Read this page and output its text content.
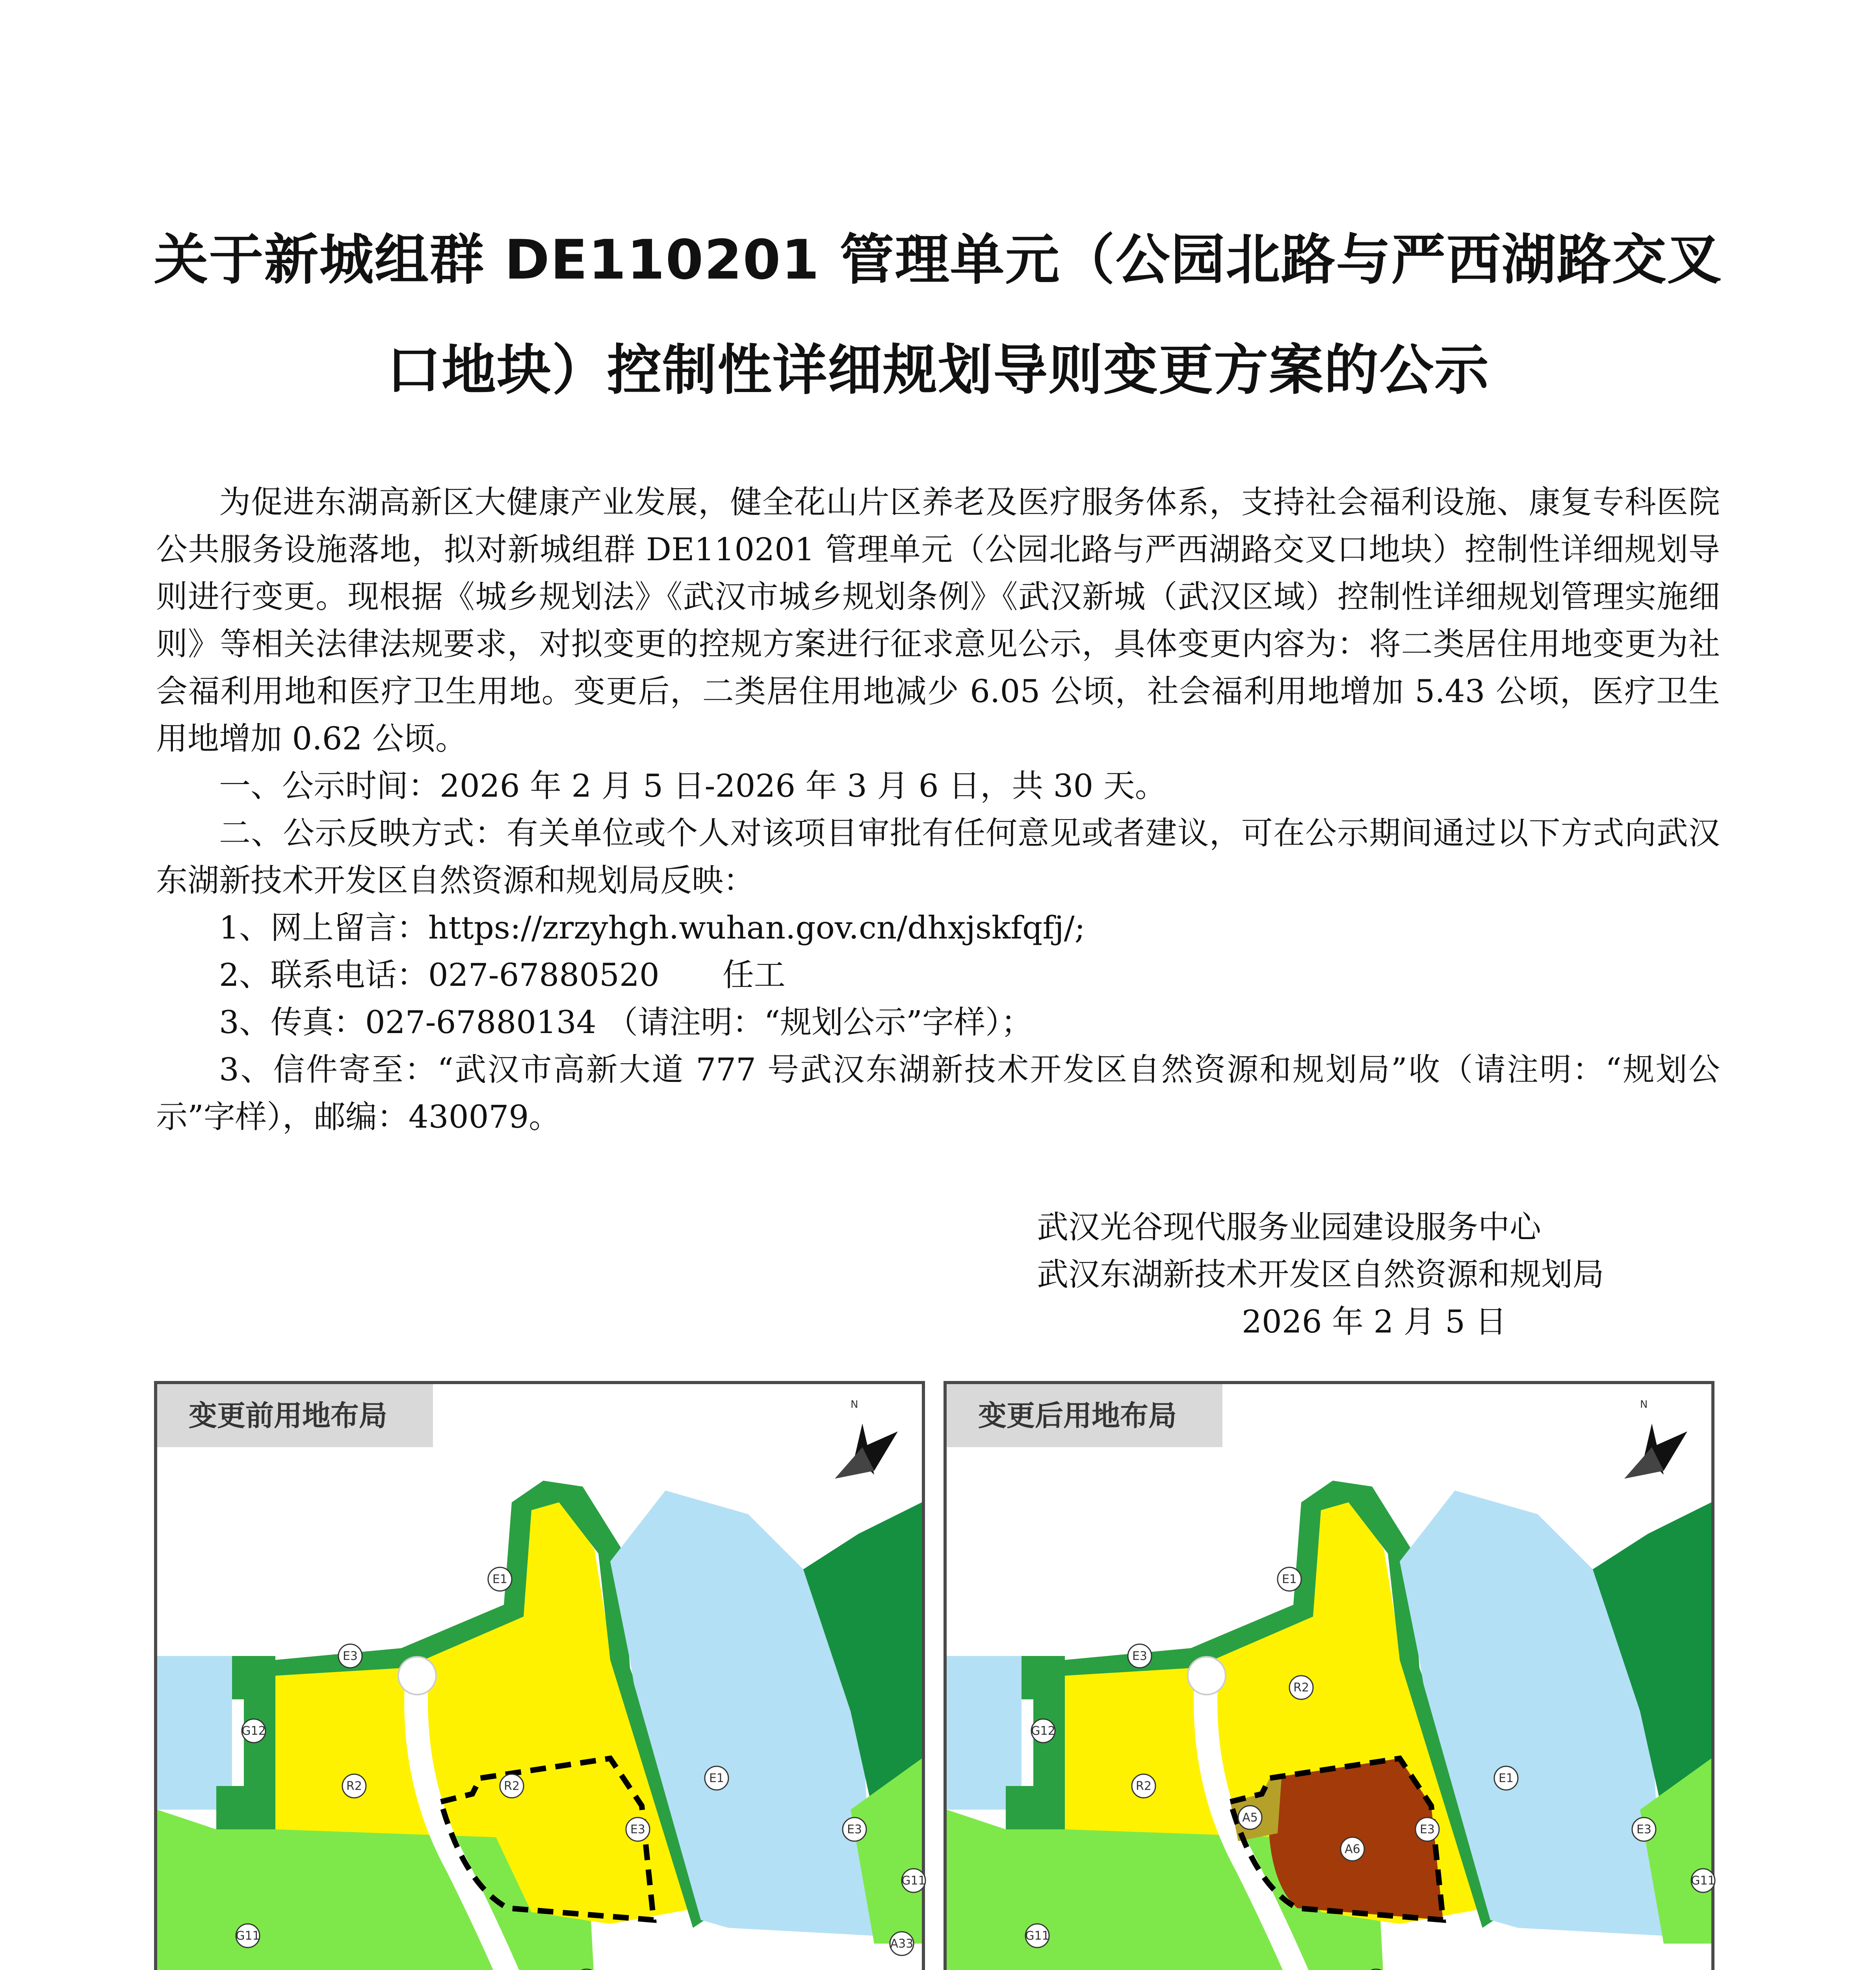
关于新城组群 DE110201 管理单元（公园北路与严西湖路交叉
口地块）控制性详细规划导则变更方案的公示
为促进东湖高新区大健康产业发展，健全花山片区养老及医疗服务体系，支持社会福利设施、康复专科医院公共服务设施落地，拟对新城组群 DE110201 管理单元（公园北路与严西湖路交叉口地块）控制性详细规划导则进行变更。现根据《城乡规划法》《武汉市城乡规划条例》《武汉新城（武汉区域）控制性详细规划管理实施细则》等相关法律法规要求，对拟变更的控规方案进行征求意见公示，具体变更内容为：将二类居住用地变更为社会福利用地和医疗卫生用地。变更后，二类居住用地减少 6.05 公顷，社会福利用地增加 5.43 公顷，医疗卫生用地增加 0.62 公顷。
一、公示时间：2026 年 2 月 5 日-2026 年 3 月 6 日，共 30 天。
二、公示反映方式：有关单位或个人对该项目审批有任何意见或者建议，可在公示期间通过以下方式向武汉东湖新技术开发区自然资源和规划局反映：
1、网上留言：https://zrzyhgh.wuhan.gov.cn/dhxjskfqfj/;
2、联系电话：027-67880520　　任工
3、传真：027-67880134 （请注明：“规划公示”字样）；
3、信件寄至：“武汉市高新大道 777 号武汉东湖新技术开发区自然资源和规划局”收（请注明：“规划公示”字样），邮编：430079。
武汉光谷现代服务业园建设服务中心
武汉东湖新技术开发区自然资源和规划局
2026 年 2 月 5 日
E1
E3
G12
R2	R2
E3
E1
G11
E3
G11
A33
N
变更前用地布局
E1
E3
G12
R2
R2
A5
A6
E3
E1
G11
E3
G11
N
变更后用地布局
